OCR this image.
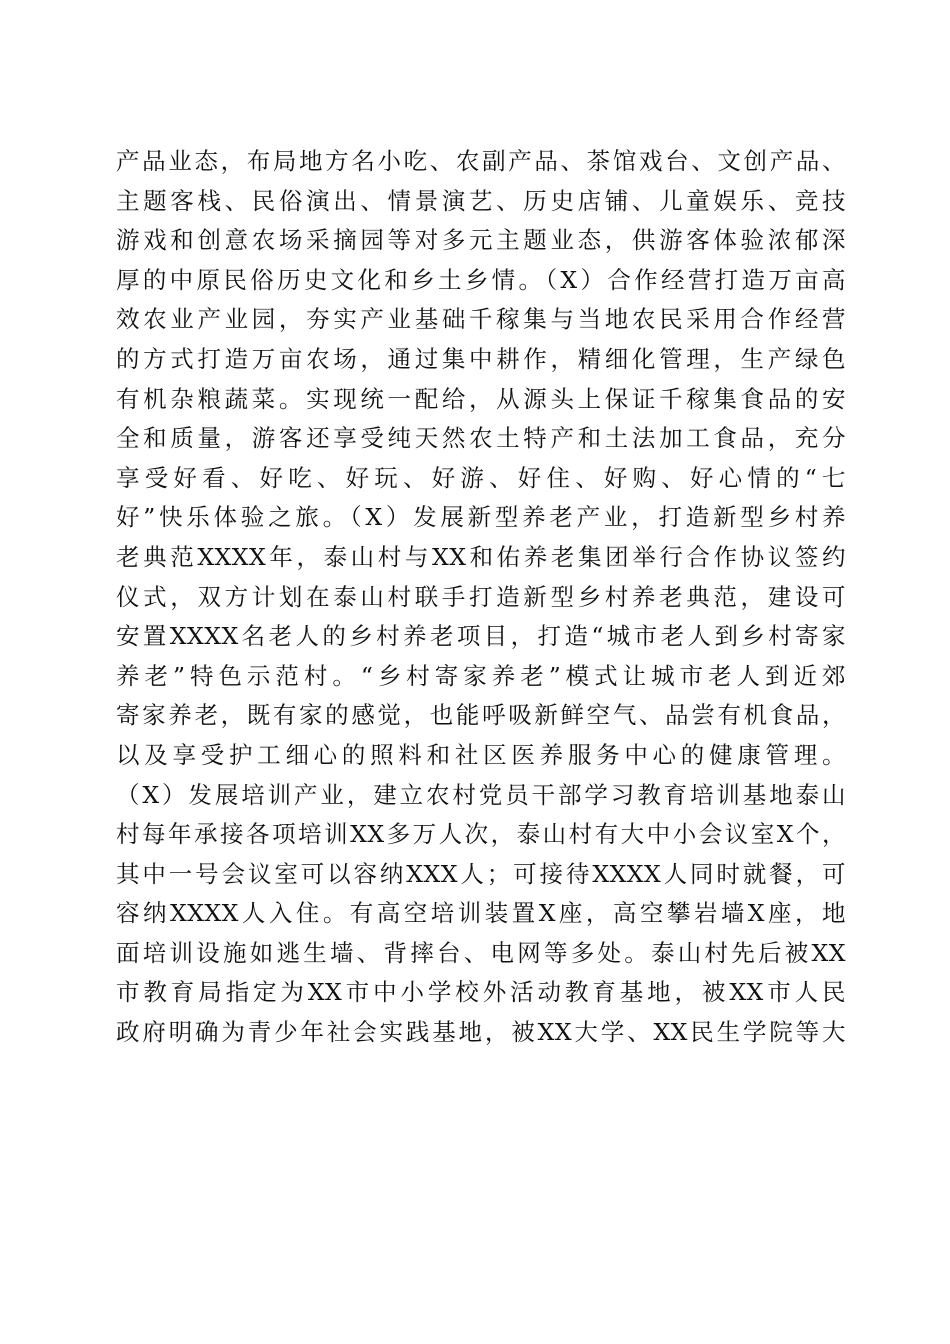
产品业态，布局地方名小吃、农副产品、茶馆戏台、文创产品、
主题客栈、民俗演出、情景演艺、历史店铺、儿童娱乐、竞技
游戏和创意农场采摘园等对多元主题业态，供游客体验浓郁深
厚的中原民俗历史文化和乡土乡情。（X）合作经营打造万亩高
效农业产业园，夯实产业基础千稼集与当地农民采用合作经营
的方式打造万亩农场，通过集中耕作，精细化管理，生产绿色
有机杂粮蔬菜。实现统一配给，从源头上保证千稼集食品的安
全和质量，游客还享受纯天然农土特产和土法加工食品，充分
享受好看、好吃、好玩、好游、好住、好购、好心情的“七
好”快乐体验之旅。（X）发展新型养老产业，打造新型乡村养
老典范XXXX年，泰山村与XX和佑养老集团举行合作协议签约
仪式，双方计划在泰山村联手打造新型乡村养老典范，建设可
安置XXXX名老人的乡村养老项目，打造“城市老人到乡村寄家
养老”特色示范村。“乡村寄家养老”模式让城市老人到近郊
寄家养老，既有家的感觉，也能呼吸新鲜空气、品尝有机食品，
以及享受护工细心的照料和社区医养服务中心的健康管理。
（X）发展培训产业，建立农村党员干部学习教育培训基地泰山
村每年承接各项培训XX多万人次，泰山村有大中小会议室X个，
其中一号会议室可以容纳XXX人；可接待XXXX人同时就餐，可
容纳XXXX人入住。有高空培训装置X座，高空攀岩墙X座，地
面培训设施如逃生墙、背摔台、电网等多处。泰山村先后被XX
市教育局指定为XX市中小学校外活动教育基地，被XX市人民
政府明确为青少年社会实践基地，被XX大学、XX民生学院等大
